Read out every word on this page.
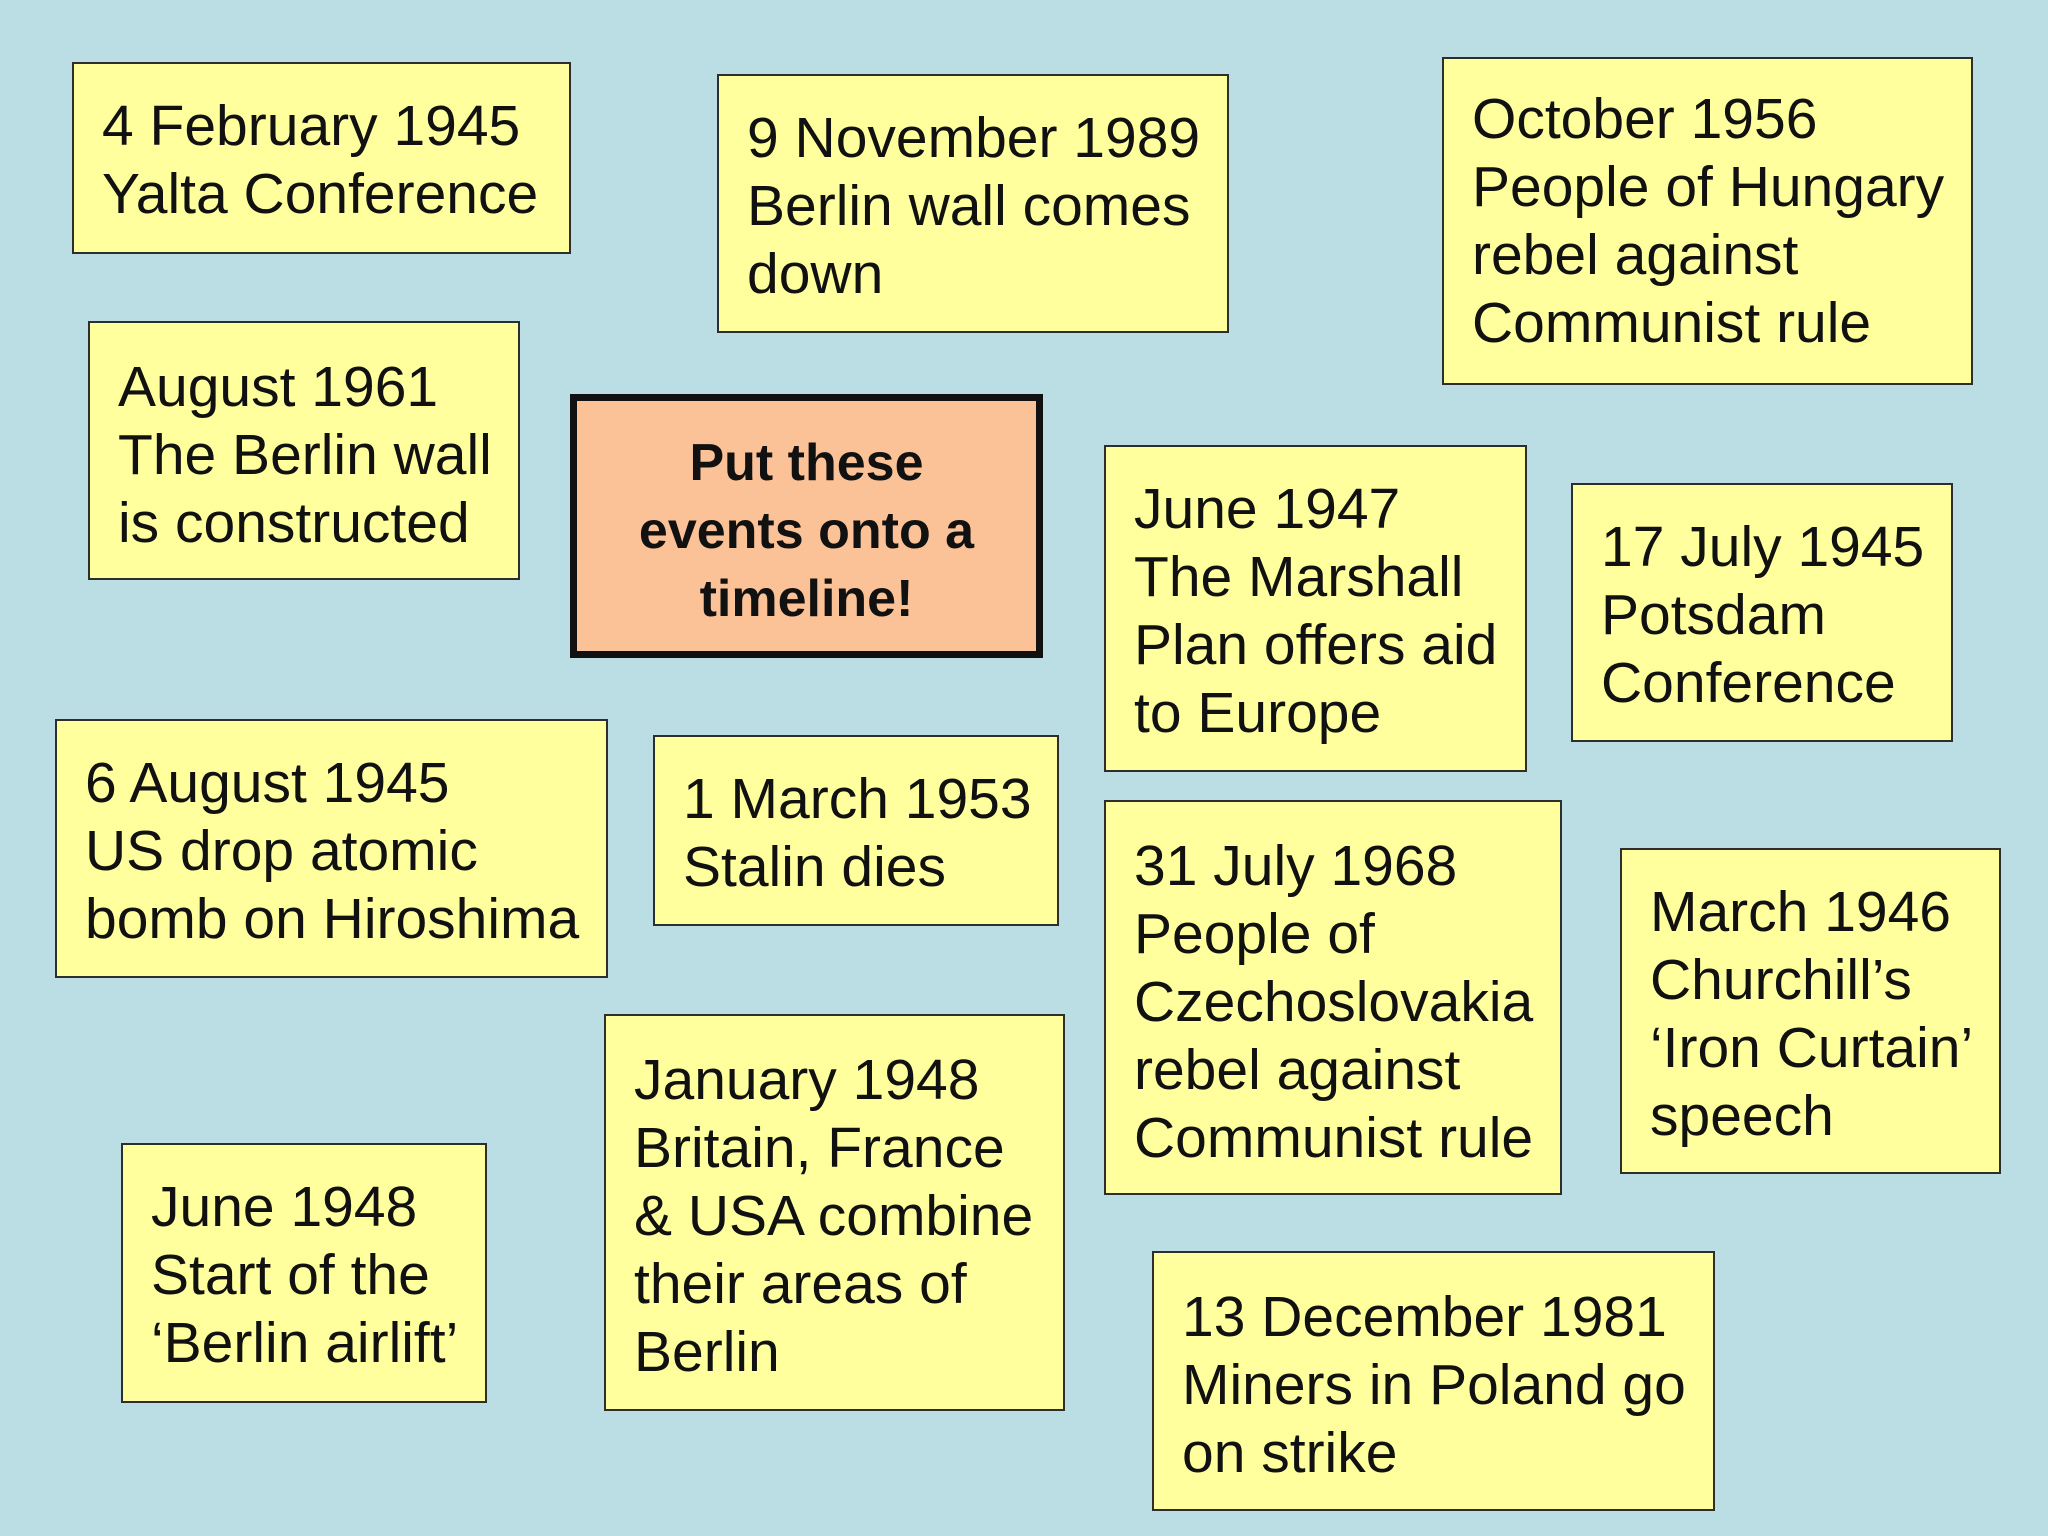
4 February 1945
Yalta Conference
9 November 1989
Berlin wall comes
down
October 1956
People of Hungary
rebel against
Communist rule
August 1961
The Berlin wall
is constructed	June 1947
The Marshall
Plan offers aid
to Europe
17 July 1945
Potsdam
Conference
6 August 1945
US drop atomic
bomb on Hiroshima
1 March 1953
Stalin dies	31 July 1968
People of
Czechoslovakia
rebel against
Communist rule
March 1946
Churchill’s
‘Iron Curtain’
speech
January 1948
Britain, France
& USA combine
their areas of
Berlin
June 1948
Start of the
‘Berlin airlift’	13 December 1981
Miners in Poland go
on strike
Put these
events onto a
timeline!
